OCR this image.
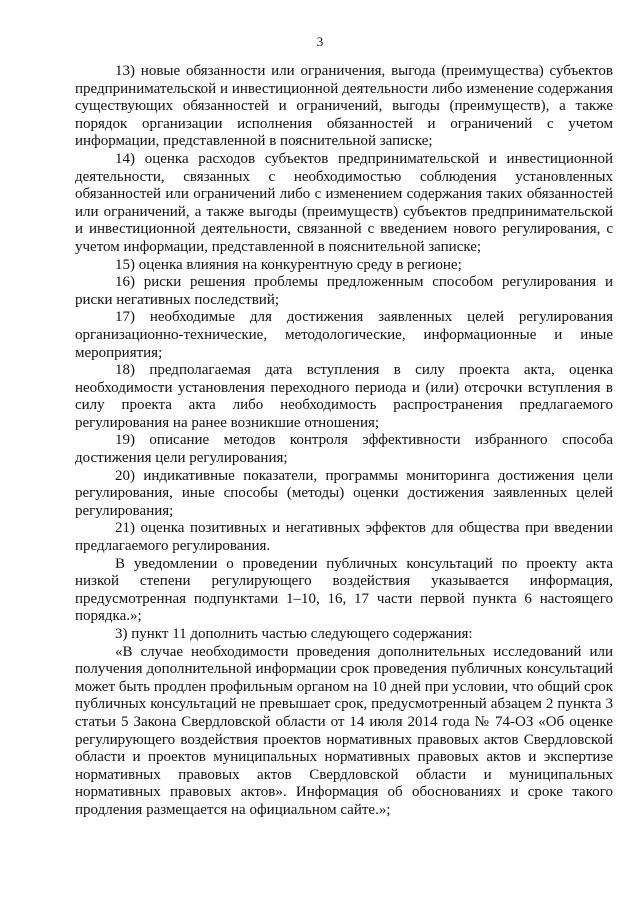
3

13) новые обязанности или ограничения, выгода (преимущества) субъектов предпринимательской и инвестиционной деятельности либо изменение содержания существующих обязанностей и ограничений, выгоды (преимуществ), а также порядок организации исполнения обязанностей и ограничений с учетом информации, представленной в пояснительной записке;

14) оценка расходов субъектов предпринимательской и инвестиционной деятельности, связанных с необходимостью соблюдения установленных обязанностей или ограничений либо с изменением содержания таких обязанностей или ограничений, а также выгоды (преимуществ) субъектов предпринимательской и инвестиционной деятельности, связанной с введением нового регулирования, с учетом информации, представленной в пояснительной записке;

15) оценка влияния на конкурентную среду в регионе;

16) риски решения проблемы предложенным способом регулирования и риски негативных последствий;

17) необходимые для достижения заявленных целей регулирования организационно-технические, методологические, информационные и иные мероприятия;

18) предполагаемая дата вступления в силу проекта акта, оценка необходимости установления переходного периода и (или) отсрочки вступления в силу проекта акта либо необходимость распространения предлагаемого регулирования на ранее возникшие отношения;

19) описание методов контроля эффективности избранного способа достижения цели регулирования;

20) индикативные показатели, программы мониторинга достижения цели регулирования, иные способы (методы) оценки достижения заявленных целей регулирования;

21) оценка позитивных и негативных эффектов для общества при введении предлагаемого регулирования.

В уведомлении о проведении публичных консультаций по проекту акта низкой степени регулирующего воздействия указывается информация, предусмотренная подпунктами 1–10, 16, 17 части первой пункта 6 настоящего порядка.»;

3) пункт 11 дополнить частью следующего содержания:

«В случае необходимости проведения дополнительных исследований или получения дополнительной информации срок проведения публичных консультаций может быть продлен профильным органом на 10 дней при условии, что общий срок публичных консультаций не превышает срок, предусмотренный абзацем 2 пункта 3 статьи 5 Закона Свердловской области от 14 июля 2014 года № 74-ОЗ «Об оценке регулирующего воздействия проектов нормативных правовых актов Свердловской области и проектов муниципальных нормативных правовых актов и экспертизе нормативных правовых актов Свердловской области и муниципальных нормативных правовых актов». Информация об обоснованиях и сроке такого продления размещается на официальном сайте.»;
